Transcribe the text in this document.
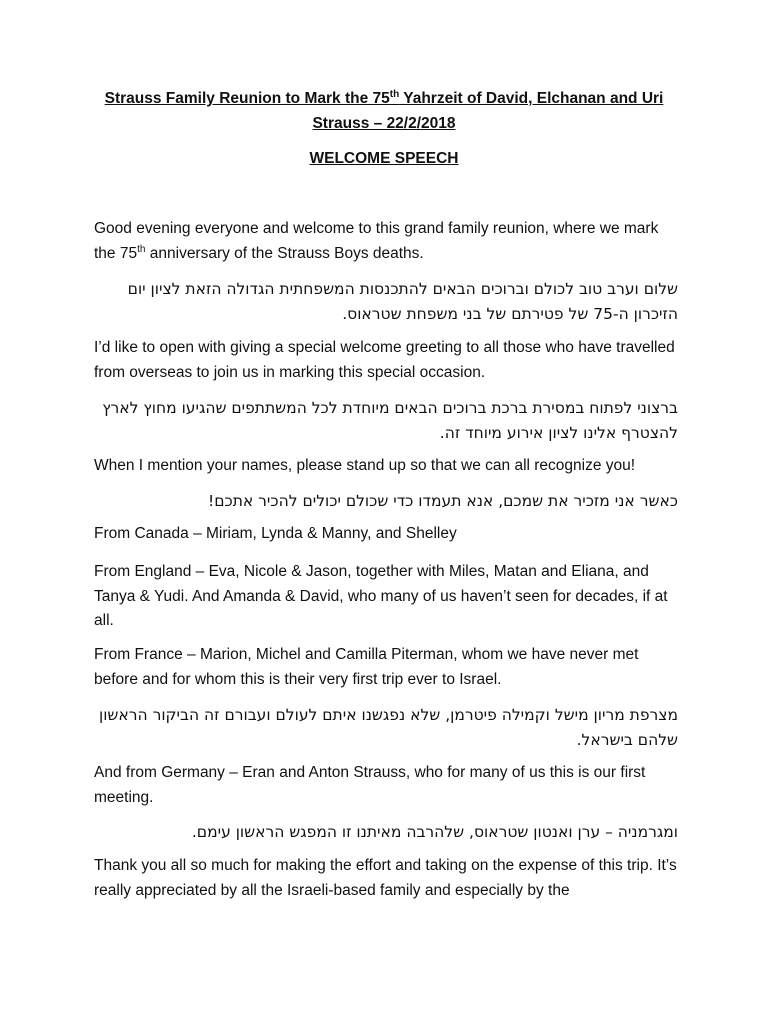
Strauss Family Reunion to Mark the 75th Yahrzeit of David, Elchanan and Uri
Strauss – 22/2/2018
WELCOME SPEECH
Good evening everyone and welcome to this grand family reunion, where we mark the 75th anniversary of the Strauss Boys deaths.
שלום וערב טוב לכולם וברוכים הבאים להתכנסות המשפחתית הגדולה הזאת לציון יום הזיכרון ה-75 של פטירתם של בני משפחת שטראוס.
I’d like to open with giving a special welcome greeting to all those who have travelled from overseas to join us in marking this special occasion.
ברצוני לפתוח במסירת ברכת ברוכים הבאים מיוחדת לכל המשתתפים שהגיעו מחוץ לארץ להצטרף אלינו לציון אירוע מיוחד זה.
When I mention your names, please stand up so that we can all recognize you!
כאשר אני מזכיר את שמכם, אנא תעמדו כדי שכולם יכולים להכיר אתכם!
From Canada – Miriam, Lynda & Manny, and Shelley
From England – Eva, Nicole & Jason, together with Miles, Matan and Eliana, and Tanya & Yudi. And Amanda & David, who many of us haven’t seen for decades, if at all.
From France – Marion, Michel and Camilla Piterman, whom we have never met before and for whom this is their very first trip ever to Israel.
מצרפת מריון מישל וקמילה פיטרמן, שלא נפגשנו איתם לעולם ועבורם זה הביקור הראשון שלהם בישראל.
And from Germany – Eran and Anton Strauss, who for many of us this is our first meeting.
ומגרמניה – ערן ואנטון שטראוס, שלהרבה מאיתנו זו המפגש הראשון עימם.
Thank you all so much for making the effort and taking on the expense of this trip. It’s really appreciated by all the Israeli-based family and especially by the
